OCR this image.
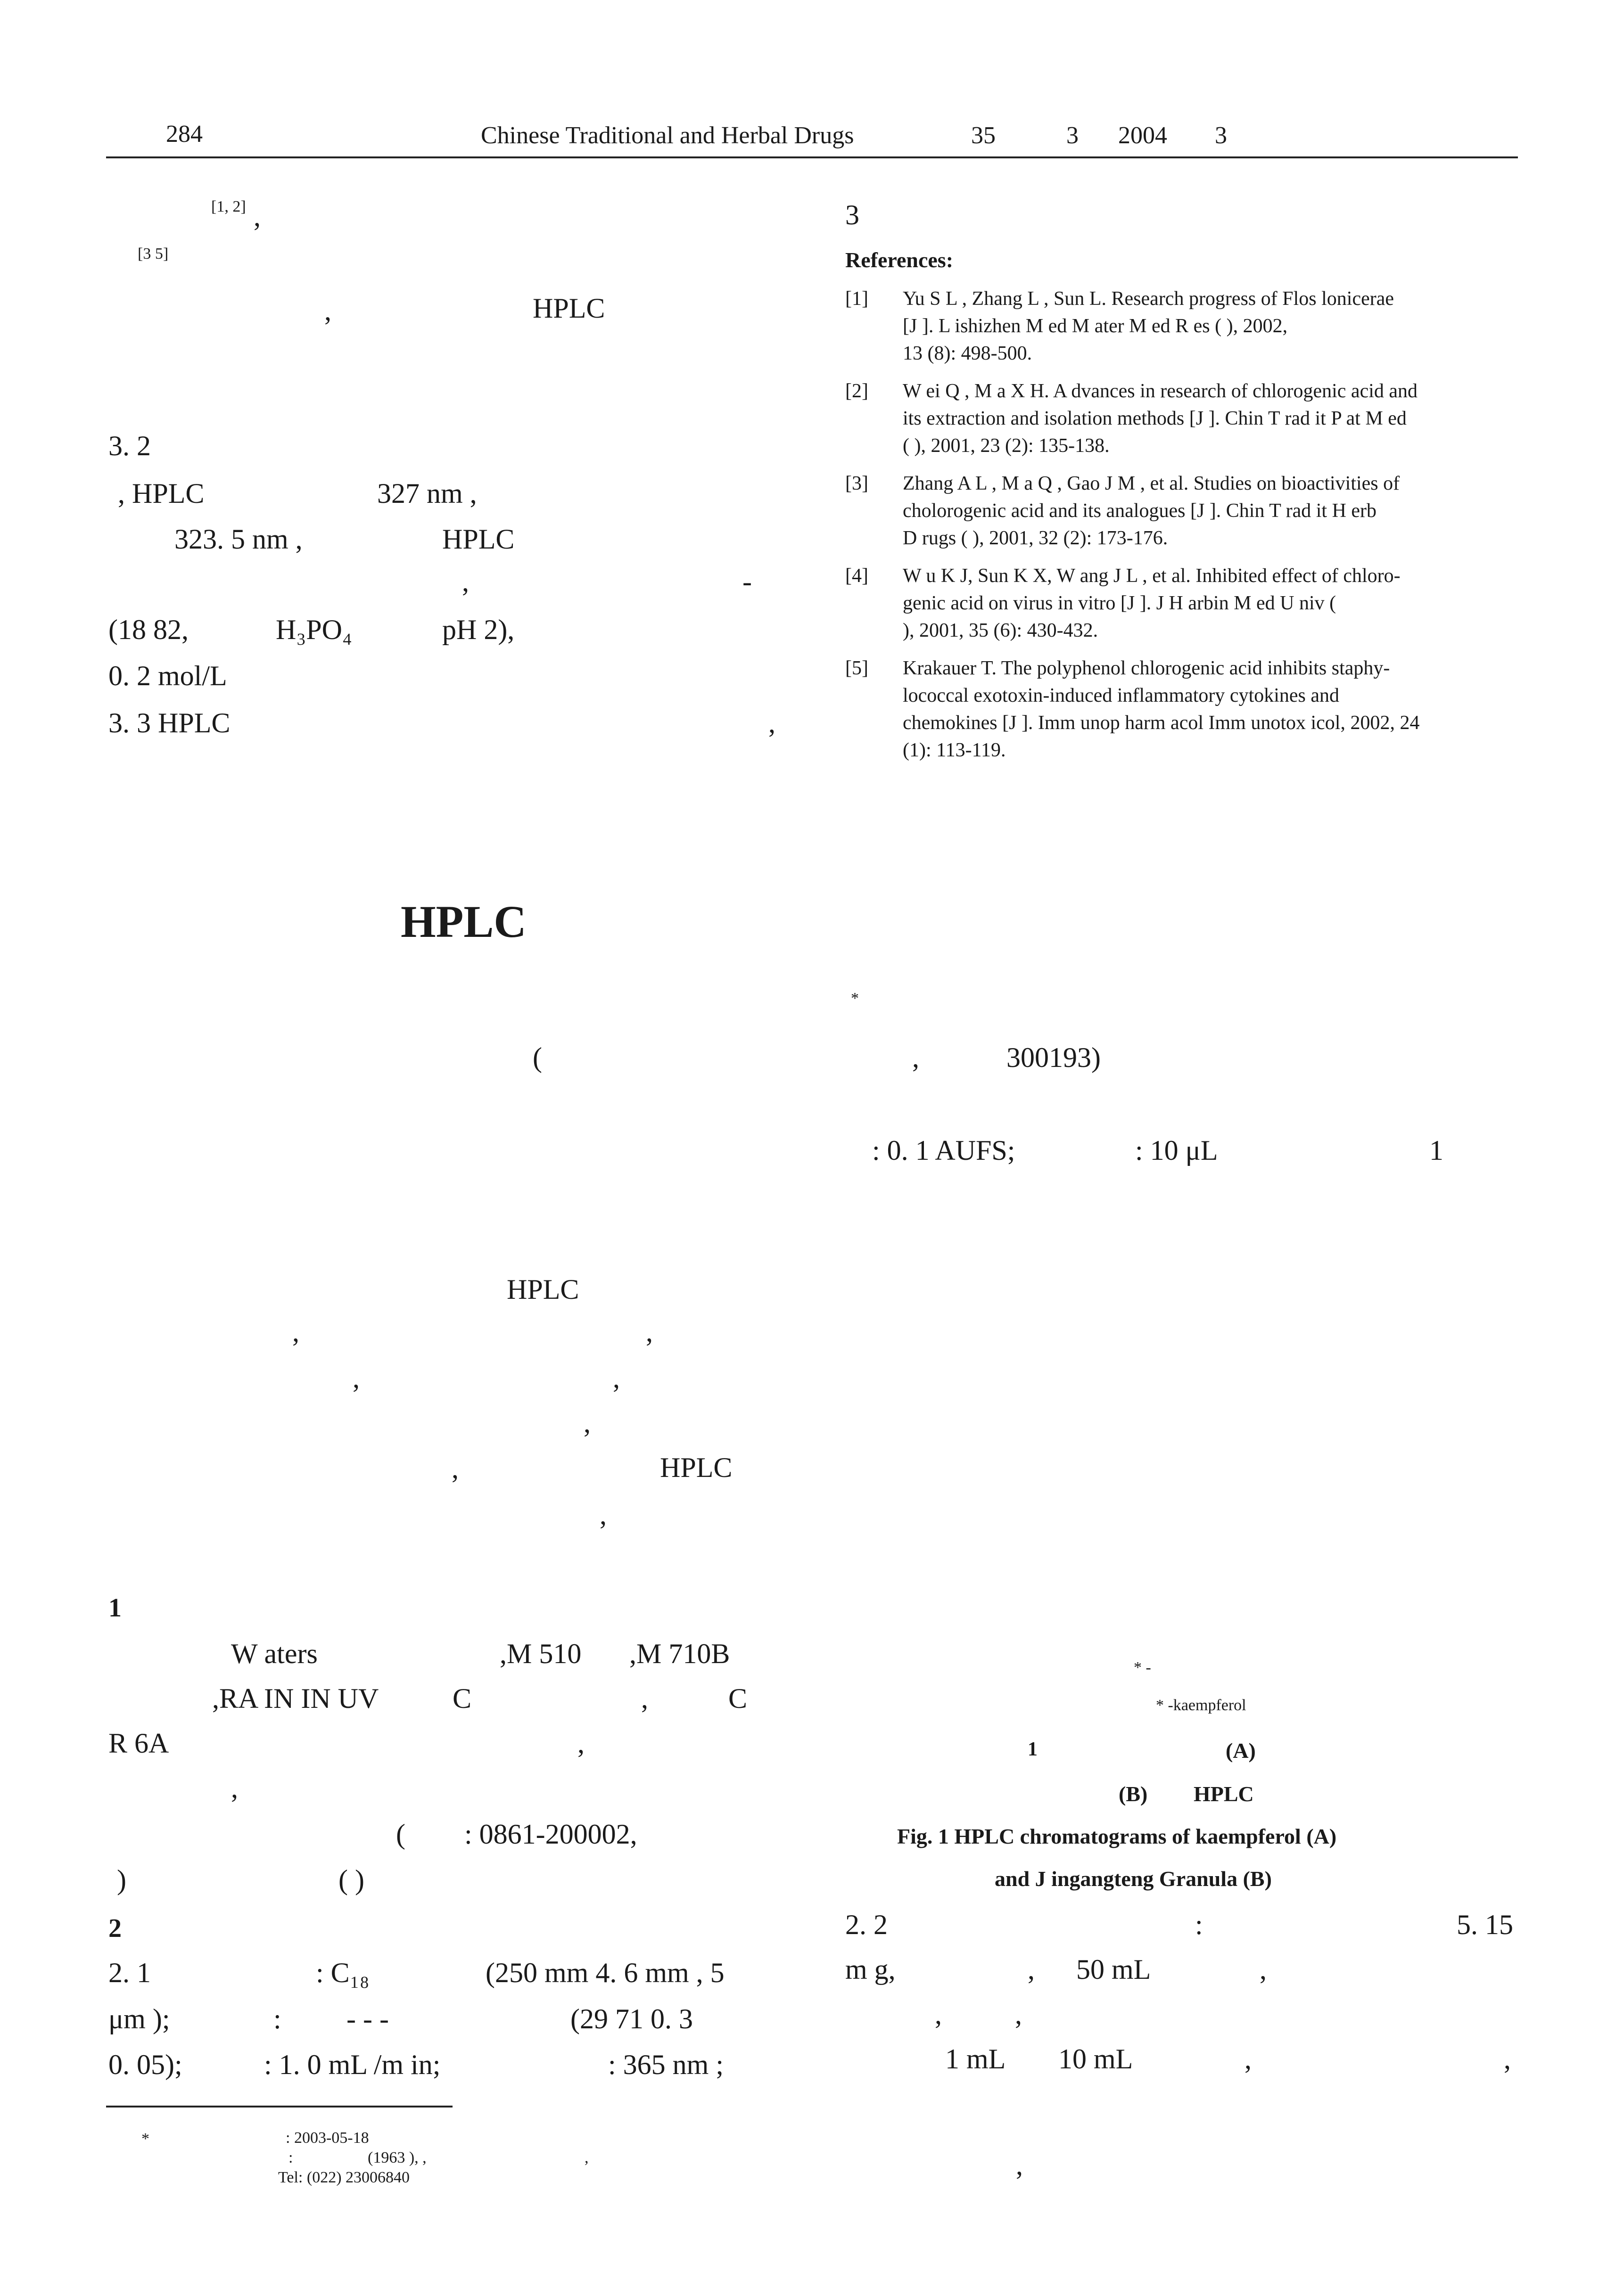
284	Chinese Traditional and Herbal Drugs	35	3 2004 3
[1, 2] ,
[3 5]
,	HPLC
3. 2
, HPLC	327 nm ,
323. 5 nm ,	HPLC
,	-
(18 82,	H₃PO₄	pH 2),
0. 2 mol/L
3. 3 HPLC	,
3
References:
[1] Yu S L , Zhang L , Sun L. Research progress of Flos lonicerae
[J ]. L ishizhen M ed M ater M ed R es ( ), 2002,
13 (8): 498-500.
[2] W ei Q , M a X H. A dvances in research of chlorogenic acid and
its extraction and isolation methods [J ]. Chin T rad it P at M ed
( ), 2001, 23 (2): 135-138.
[3] Zhang A L , M a Q , Gao J M , et al. Studies on bioactivities of
cholorogenic acid and its analogues [J ]. Chin T rad it H erb
D rugs ( ), 2001, 32 (2): 173-176.
[4] W u K J, Sun K X, W ang J L , et al. Inhibited effect of chloro-
genic acid on virus in vitro [J ]. J H arbin M ed U niv (
), 2001, 35 (6): 430-432.
[5] Krakauer T. The polyphenol chlorogenic acid inhibits staphy-
lococcal exotoxin-induced inflammatory cytokines and
chemokines [J ]. Imm unop harm acol Imm unotox icol, 2002, 24
(1): 113-119.
HPLC
*
(	,	300193)
: 0. 1 AUFS;	: 10 μL	1
HPLC
,	,
,	,
,
,	HPLC
,
1
W aters	,M 510 ,M 710B
,RA IN IN UV	C	,	C
R 6A	,
,
( : 0861-200002,
)	( )
2
2. 1	: C₁₈	(250 mm 4. 6 mm , 5
μm );	: - - -	(29 71 0. 3
0. 05);	: 1. 0 mL /m in;	: 365 nm ;
*	: 2003-05-18
:	(1963 ), ,	,
Tel: (022) 23006840
* -
* -kaempferol
1	(A)
(B) HPLC
Fig. 1 HPLC chromatograms of kaempferol (A)
and J ingangteng Granula (B)
2. 2	:	5. 15
m g,	, 50 mL	,
,	,
1 mL 10 mL	,	,
,
